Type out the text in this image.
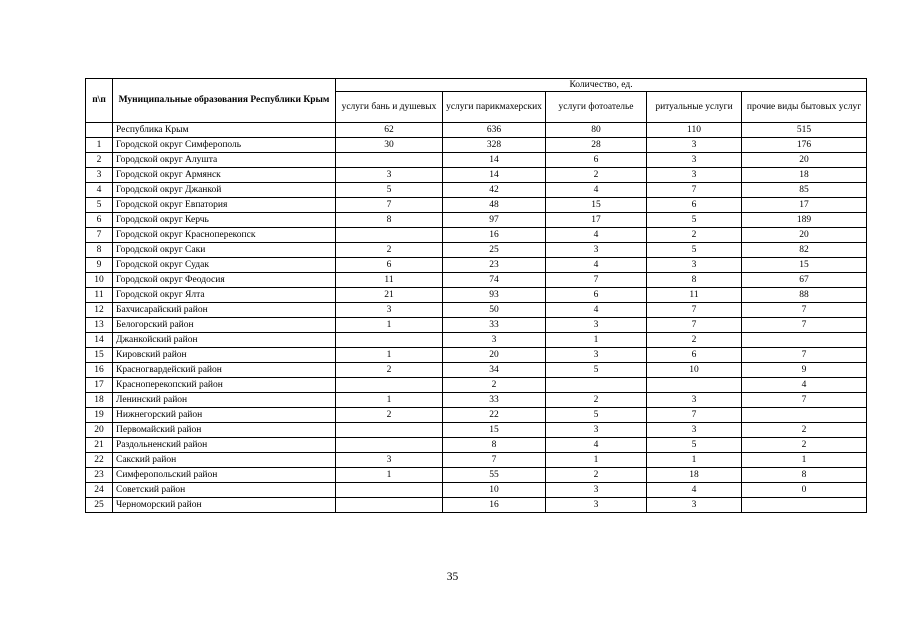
п\п	Муниципальные образования Республики Крым	Количество, ед.				
		услуги бань и душевых	услуги парикмахерских	услуги фотоателье	ритуальные услуги	прочие виды бытовых услуг
	Республика Крым	62	636	80	110	515
1	Городской округ Симферополь	30	328	28	3	176
2	Городской округ Алушта		14	6	3	20
3	Городской округ Армянск	3	14	2	3	18
4	Городской округ Джанкой	5	42	4	7	85
5	Городской округ Евпатория	7	48	15	6	17
6	Городской округ Керчь	8	97	17	5	189
7	Городской округ Красноперекопск		16	4	2	20
8	Городской округ Саки	2	25	3	5	82
9	Городской округ Судак	6	23	4	3	15
10	Городской округ Феодосия	11	74	7	8	67
11	Городской округ Ялта	21	93	6	11	88
12	Бахчисарайский район	3	50	4	7	7
13	Белогорский район	1	33	3	7	7
14	Джанкойский район		3	1	2	
15	Кировский район	1	20	3	6	7
16	Красногвардейский район	2	34	5	10	9
17	Красноперекопский район		2			4
18	Ленинский район	1	33	2	3	7
19	Нижнегорский район	2	22	5	7	
20	Первомайский район		15	3	3	2
21	Раздольненский район		8	4	5	2
22	Сакский район	3	7	1	1	1
23	Симферопольский район	1	55	2	18	8
24	Советский район		10	3	4	0
25	Черноморский район		16	3	3	
35
